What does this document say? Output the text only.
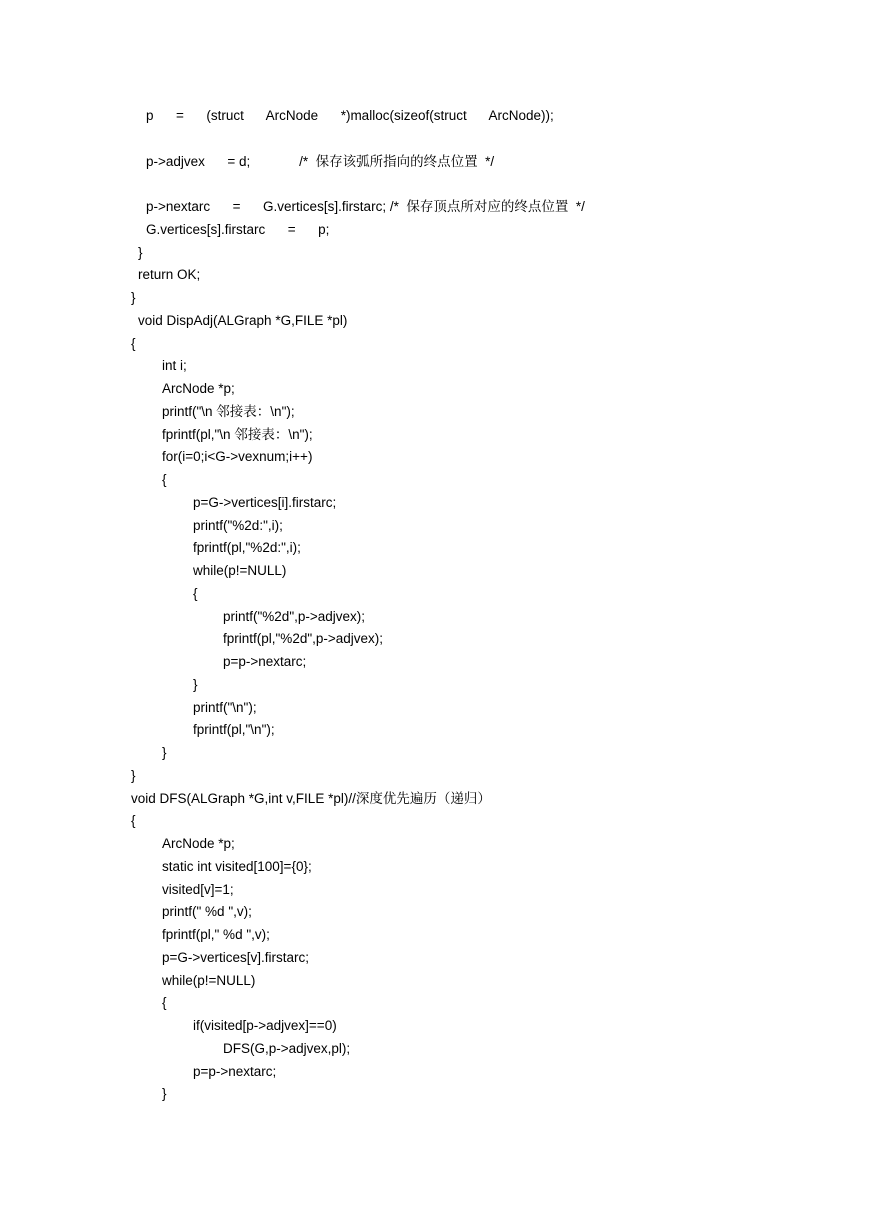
p      =      (struct      ArcNode      *)malloc(sizeof(struct      ArcNode));
p->adjvex      = d;             /*  保存该弧所指向的终点位置  */
p->nextarc      =      G.vertices[s].firstarc; /*  保存顶点所对应的终点位置  */
G.vertices[s].firstarc      =      p;
}
return OK;
}
void DispAdj(ALGraph *G,FILE *pl)
{
int i;
ArcNode *p;
printf("\n 邻接表：\n");
fprintf(pl,"\n 邻接表：\n");
for(i=0;i<G->vexnum;i++)
{
p=G->vertices[i].firstarc;
printf("%2d:",i);
fprintf(pl,"%2d:",i);
while(p!=NULL)
{
printf("%2d",p->adjvex);
fprintf(pl,"%2d",p->adjvex);
p=p->nextarc;
}
printf("\n");
fprintf(pl,"\n");
}
}
void DFS(ALGraph *G,int v,FILE *pl)//深度优先遍历（递归）
{
ArcNode *p;
static int visited[100]={0};
visited[v]=1;
printf(" %d ",v);
fprintf(pl," %d ",v);
p=G->vertices[v].firstarc;
while(p!=NULL)
{
if(visited[p->adjvex]==0)
DFS(G,p->adjvex,pl);
p=p->nextarc;
}
